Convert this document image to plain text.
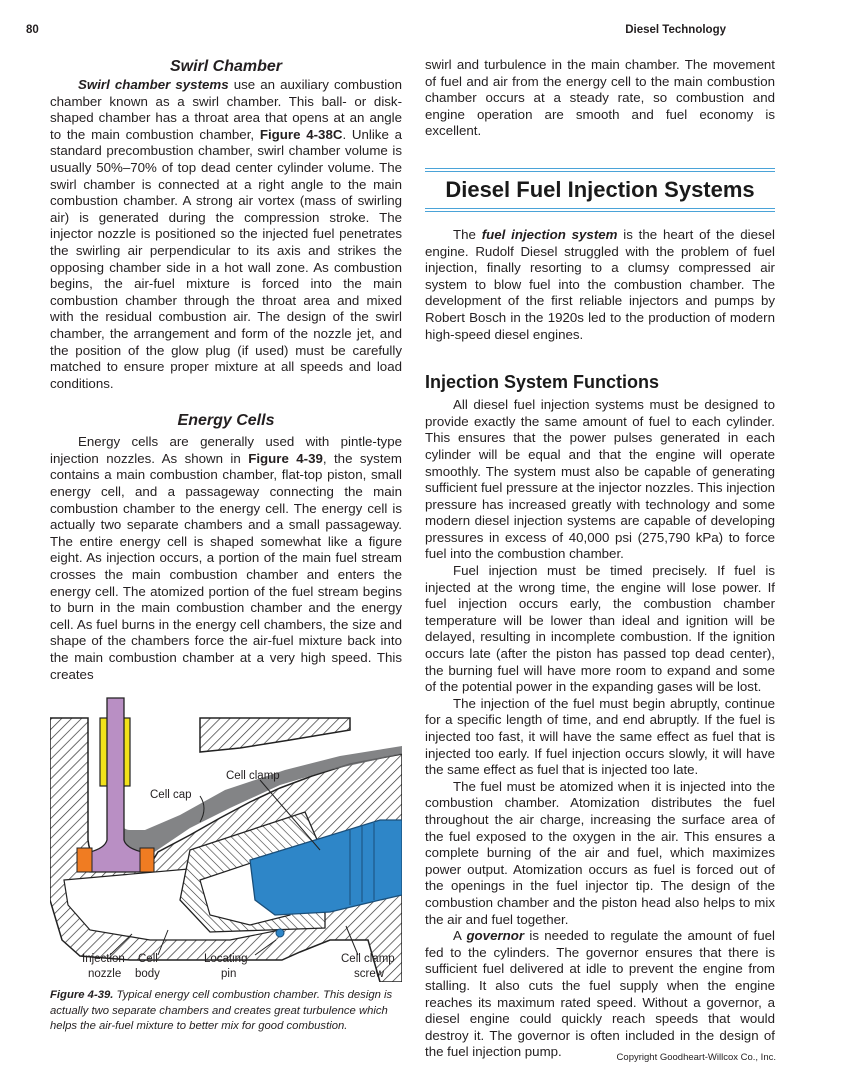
80	Diesel Technology
Swirl Chamber

Swirl chamber systems use an auxiliary combustion chamber known as a swirl chamber. This ball- or disk-shaped chamber has a throat area that opens at an angle to the main combustion chamber, Figure 4-38C. Unlike a standard precombustion chamber, swirl chamber volume is usually 50%–70% of top dead center cylinder volume. The swirl chamber is connected at a right angle to the main combustion chamber. A strong air vortex (mass of swirling air) is generated during the compression stroke. The injector nozzle is positioned so the injected fuel penetrates the swirling air perpendicular to its axis and strikes the opposing chamber side in a hot wall zone. As combustion begins, the air-fuel mixture is forced into the main combustion chamber through the throat area and mixed with the residual combustion air. The design of the swirl chamber, the arrangement and form of the nozzle jet, and the position of the glow plug (if used) must be carefully matched to ensure proper mixture at all speeds and load conditions.

Energy Cells

Energy cells are generally used with pintle-type injection nozzles. As shown in Figure 4-39, the system contains a main combustion chamber, flat-top piston, small energy cell, and a passageway connecting the main combustion chamber to the energy cell. The energy cell is actually two separate chambers and a small passageway. The entire energy cell is shaped somewhat like a figure eight. As injection occurs, a portion of the main fuel stream crosses the main combustion chamber and enters the energy cell. The atomized portion of the fuel stream begins to burn in the main combustion chamber and the energy cell. As fuel burns in the energy cell chambers, the size and shape of the chambers force the air-fuel mixture back into the main combustion chamber at a very high speed. This creates

Cell clamp
Cell cap
Injection
nozzle
Cell
body
Locating
pin
Cell clamp
screw
Figure 4-39. Typical energy cell combustion chamber. This design is actually two separate chambers and creates great turbulence which helps the air-fuel mixture to better mix for good combustion.

swirl and turbulence in the main chamber. The movement of fuel and air from the energy cell to the main combustion chamber occurs at a steady rate, so combustion and engine operation are smooth and fuel economy is excellent.

Diesel Fuel Injection Systems

The fuel injection system is the heart of the diesel engine. Rudolf Diesel struggled with the problem of fuel injection, finally resorting to a clumsy compressed air system to blow fuel into the combustion chamber. The development of the first reliable injectors and pumps by Robert Bosch in the 1920s led to the production of modern high-speed diesel engines.

Injection System Functions

All diesel fuel injection systems must be designed to provide exactly the same amount of fuel to each cylinder. This ensures that the power pulses generated in each cylinder will be equal and that the engine will operate smoothly. The system must also be capable of generating sufficient fuel pressure at the injector nozzles. This injection pressure has increased greatly with technology and some modern diesel injection systems are capable of developing pressures in excess of 40,000 psi (275,790 kPa) to force fuel into the combustion chamber.

Fuel injection must be timed precisely. If fuel is injected at the wrong time, the engine will lose power. If fuel injection occurs early, the combustion chamber temperature will be lower than ideal and ignition will be delayed, resulting in incomplete combustion. If the ignition occurs late (after the piston has passed top dead center), the burning fuel will have more room to expand and some of the potential power in the expanding gases will be lost.

The injection of the fuel must begin abruptly, continue for a specific length of time, and end abruptly. If the fuel is injected too fast, it will have the same effect as fuel that is injected too early. If fuel injection occurs slowly, it will have the same effect as fuel that is injected too late.

The fuel must be atomized when it is injected into the combustion chamber. Atomization distributes the fuel throughout the air charge, increasing the surface area of the fuel exposed to the oxygen in the air. This ensures a complete burning of the air and fuel, which maximizes power output. Atomization occurs as fuel is forced out of the openings in the fuel injector tip. The design of the combustion chamber and the piston head also helps to mix the air and fuel together.

A governor is needed to regulate the amount of fuel fed to the cylinders. The governor ensures that there is sufficient fuel delivered at idle to prevent the engine from stalling. It also cuts the fuel supply when the engine reaches its maximum rated speed. Without a governor, a diesel engine could quickly reach speeds that would destroy it. The governor is often included in the design of the fuel injection pump.	Copyright Goodheart-Willcox Co., Inc.
